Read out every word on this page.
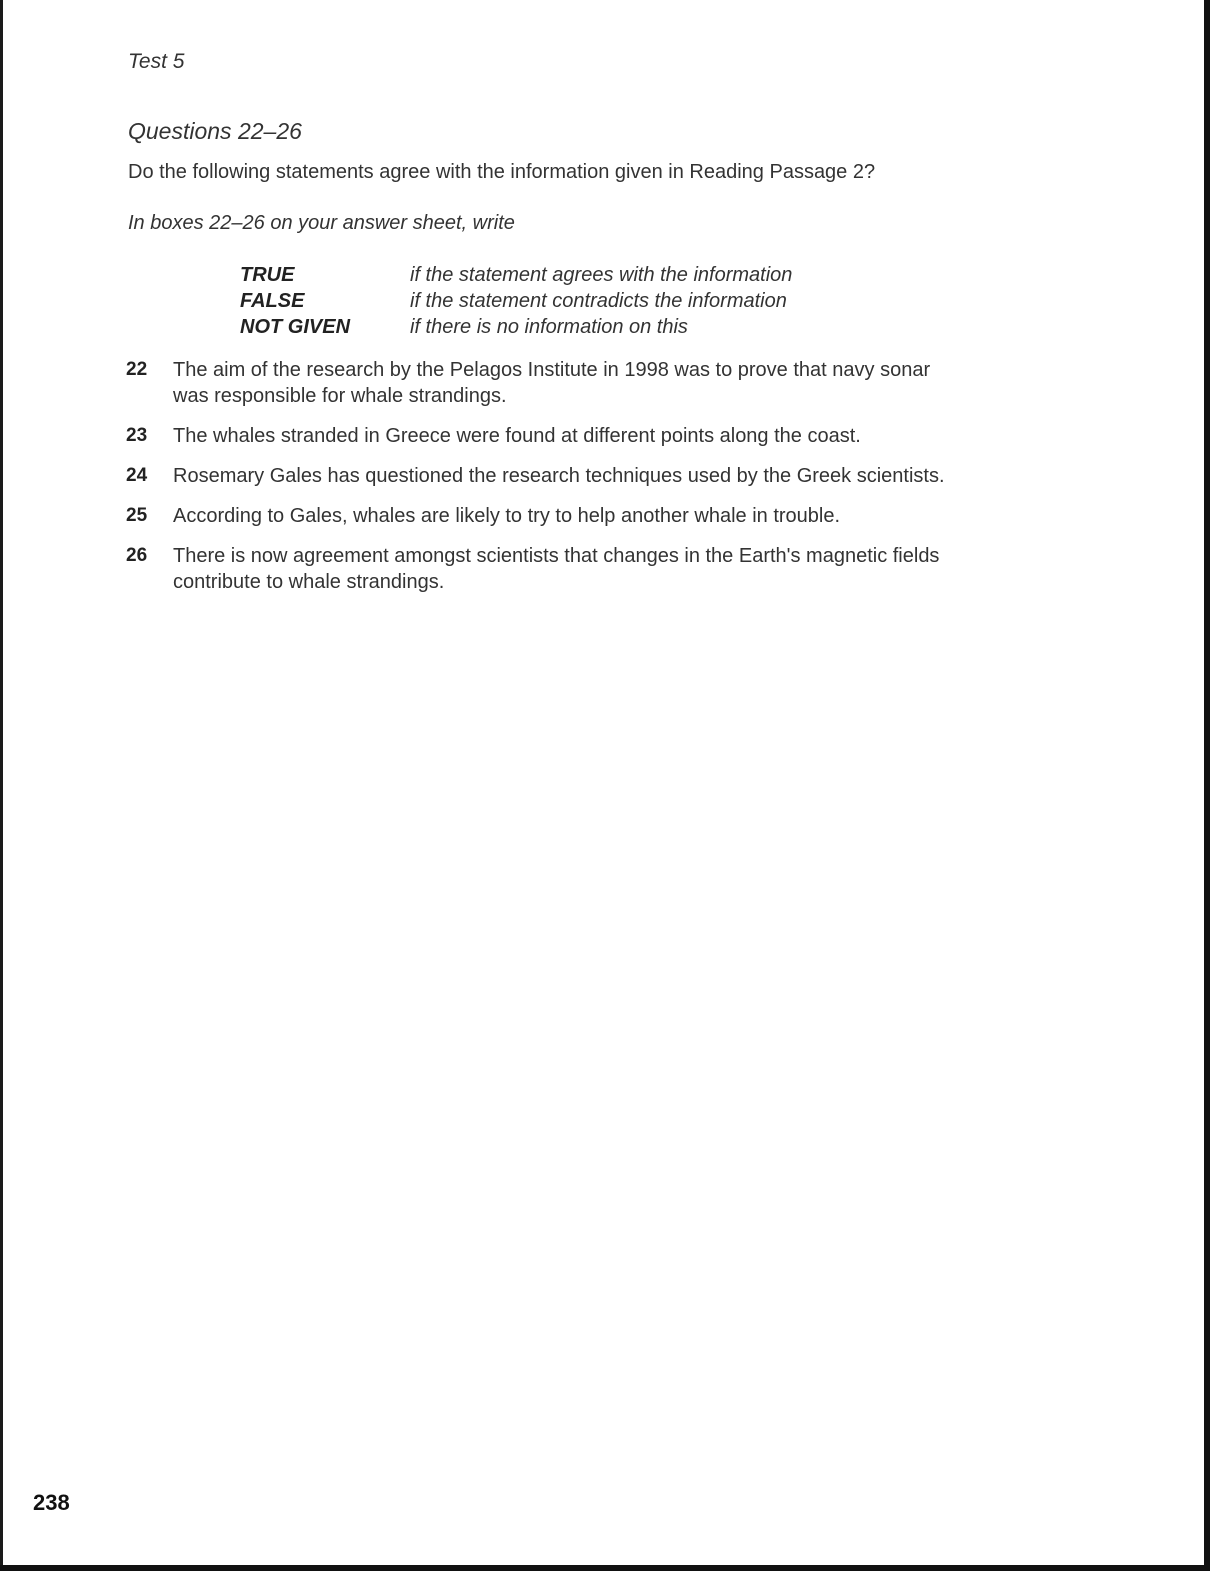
Test 5
Questions 22–26
Do the following statements agree with the information given in Reading Passage 2?
In boxes 22–26 on your answer sheet, write
TRUE	if the statement agrees with the information
FALSE	if the statement contradicts the information
NOT GIVEN	if there is no information on this
22	The aim of the research by the Pelagos Institute in 1998 was to prove that navy sonar was responsible for whale strandings.
23	The whales stranded in Greece were found at different points along the coast.
24	Rosemary Gales has questioned the research techniques used by the Greek scientists.
25	According to Gales, whales are likely to try to help another whale in trouble.
26	There is now agreement amongst scientists that changes in the Earth's magnetic fields contribute to whale strandings.
238
